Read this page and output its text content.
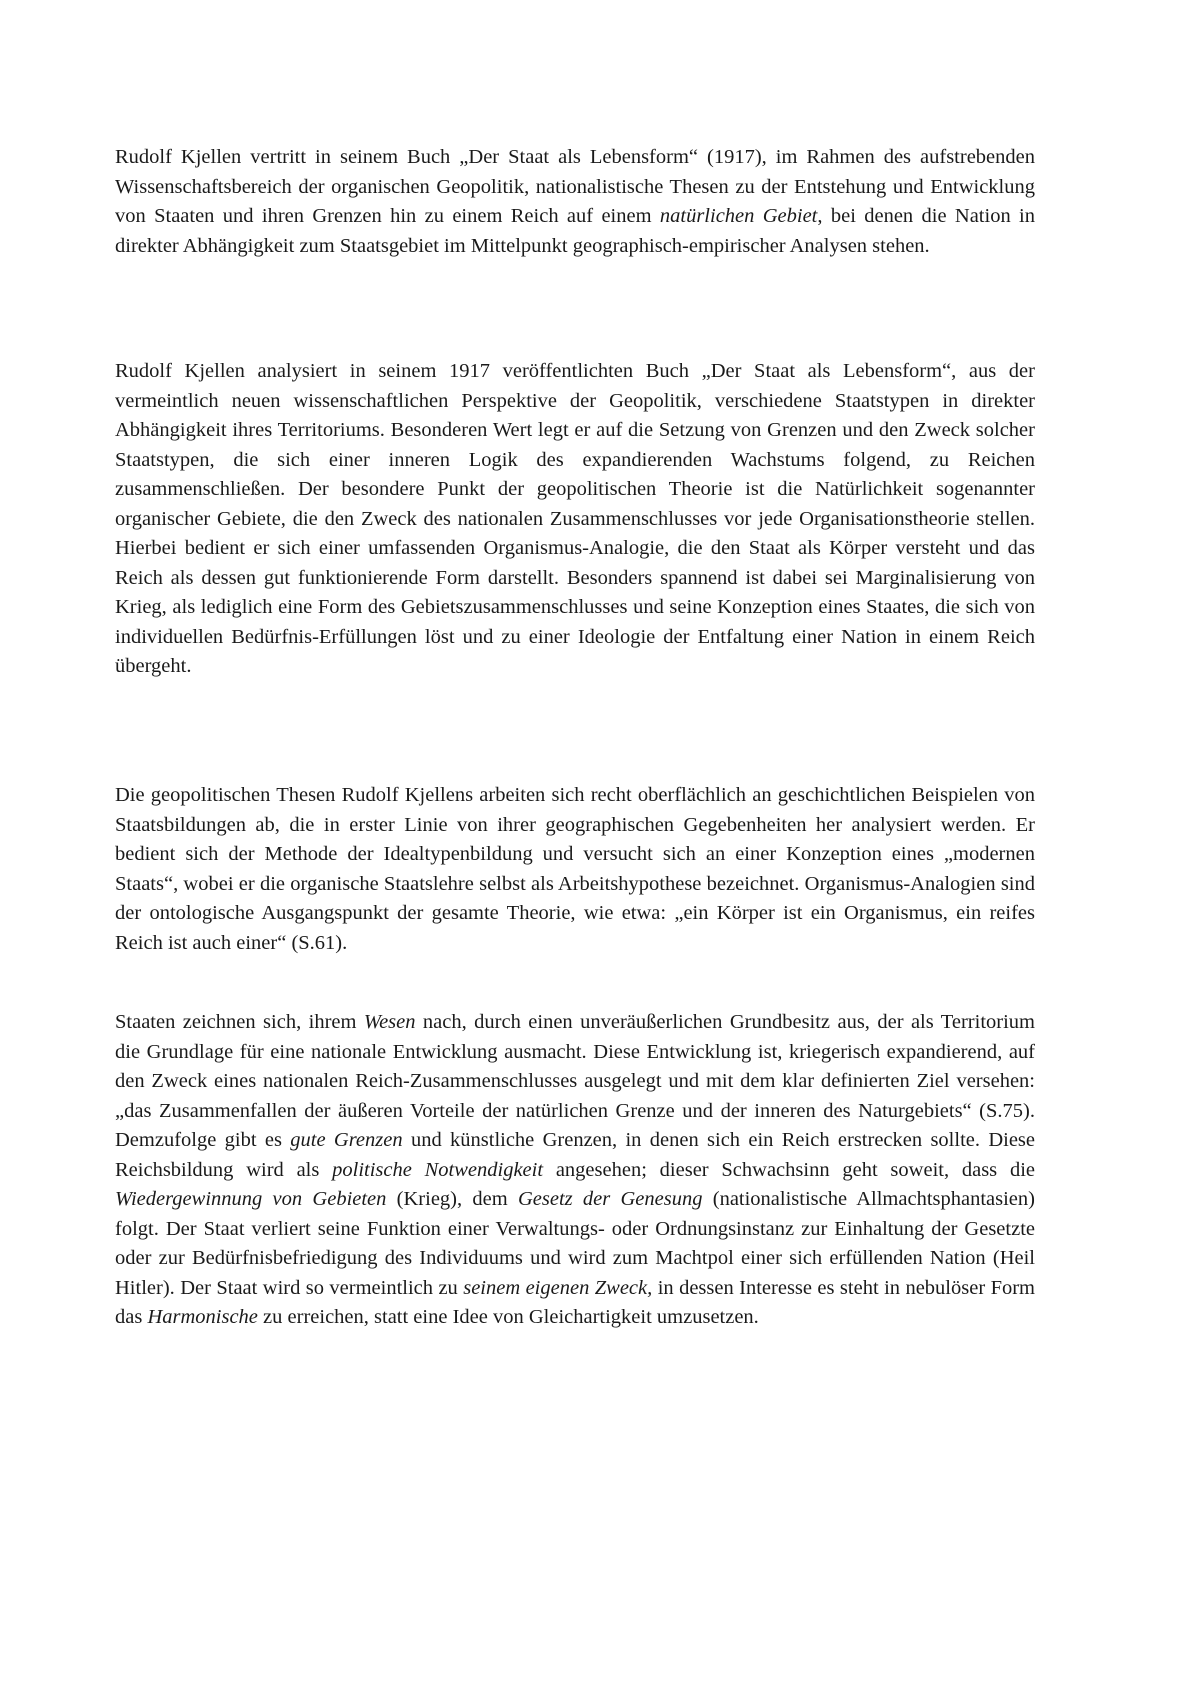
Rudolf Kjellen vertritt in seinem Buch „Der Staat als Lebensform“ (1917), im Rahmen des aufstrebenden Wissenschaftsbereich der organischen Geopolitik, nationalistische Thesen zu der Entstehung und Entwicklung von Staaten und ihren Grenzen hin zu einem Reich auf einem natürlichen Gebiet, bei denen die Nation in direkter Abhängigkeit zum Staatsgebiet im Mittelpunkt geographisch-empirischer Analysen stehen.

Rudolf Kjellen analysiert in seinem 1917 veröffentlichten Buch „Der Staat als Lebensform“, aus der vermeintlich neuen wissenschaftlichen Perspektive der Geopolitik, verschiedene Staatstypen in direkter Abhängigkeit ihres Territoriums. Besonderen Wert legt er auf die Setzung von Grenzen und den Zweck solcher Staatstypen, die sich einer inneren Logik des expandierenden Wachstums folgend, zu Reichen zusammenschließen. Der besondere Punkt der geopolitischen Theorie ist die Natürlichkeit sogenannter organischer Gebiete, die den Zweck des nationalen Zusammenschlusses vor jede Organisationstheorie stellen. Hierbei bedient er sich einer umfassenden Organismus-Analogie, die den Staat als Körper versteht und das Reich als dessen gut funktionierende Form darstellt. Besonders spannend ist dabei sei Marginalisierung von Krieg, als lediglich eine Form des Gebietszusammenschlusses und seine Konzeption eines Staates, die sich von individuellen Bedürfnis-Erfüllungen löst und zu einer Ideologie der Entfaltung einer Nation in einem Reich übergeht.

Die geopolitischen Thesen Rudolf Kjellens arbeiten sich recht oberflächlich an geschichtlichen Beispielen von Staatsbildungen ab, die in erster Linie von ihrer geographischen Gegebenheiten her analysiert werden. Er bedient sich der Methode der Idealtypenbildung und versucht sich an einer Konzeption eines „modernen Staats“, wobei er die organische Staatslehre selbst als Arbeitshypothese bezeichnet. Organismus-Analogien sind der ontologische Ausgangspunkt der gesamte Theorie, wie etwa: „ein Körper ist ein Organismus, ein reifes Reich ist auch einer“ (S.61).

Staaten zeichnen sich, ihrem Wesen nach, durch einen unveräußerlichen Grundbesitz aus, der als Territorium die Grundlage für eine nationale Entwicklung ausmacht. Diese Entwicklung ist, kriegerisch expandierend, auf den Zweck eines nationalen Reich-Zusammenschlusses ausgelegt und mit dem klar definierten Ziel versehen: „das Zusammenfallen der äußeren Vorteile der natürlichen Grenze und der inneren des Naturgebiets“ (S.75). Demzufolge gibt es gute Grenzen und künstliche Grenzen, in denen sich ein Reich erstrecken sollte. Diese Reichsbildung wird als politische Notwendigkeit angesehen; dieser Schwachsinn geht soweit, dass die Wiedergewinnung von Gebieten (Krieg), dem Gesetz der Genesung (nationalistische Allmachtsphantasien) folgt. Der Staat verliert seine Funktion einer Verwaltungs- oder Ordnungsinstanz zur Einhaltung der Gesetzte oder zur Bedürfnisbefriedigung des Individuums und wird zum Machtpol einer sich erfüllenden Nation (Heil Hitler). Der Staat wird so vermeintlich zu seinem eigenen Zweck, in dessen Interesse es steht in nebulöser Form das Harmonische zu erreichen, statt eine Idee von Gleichartigkeit umzusetzen.
